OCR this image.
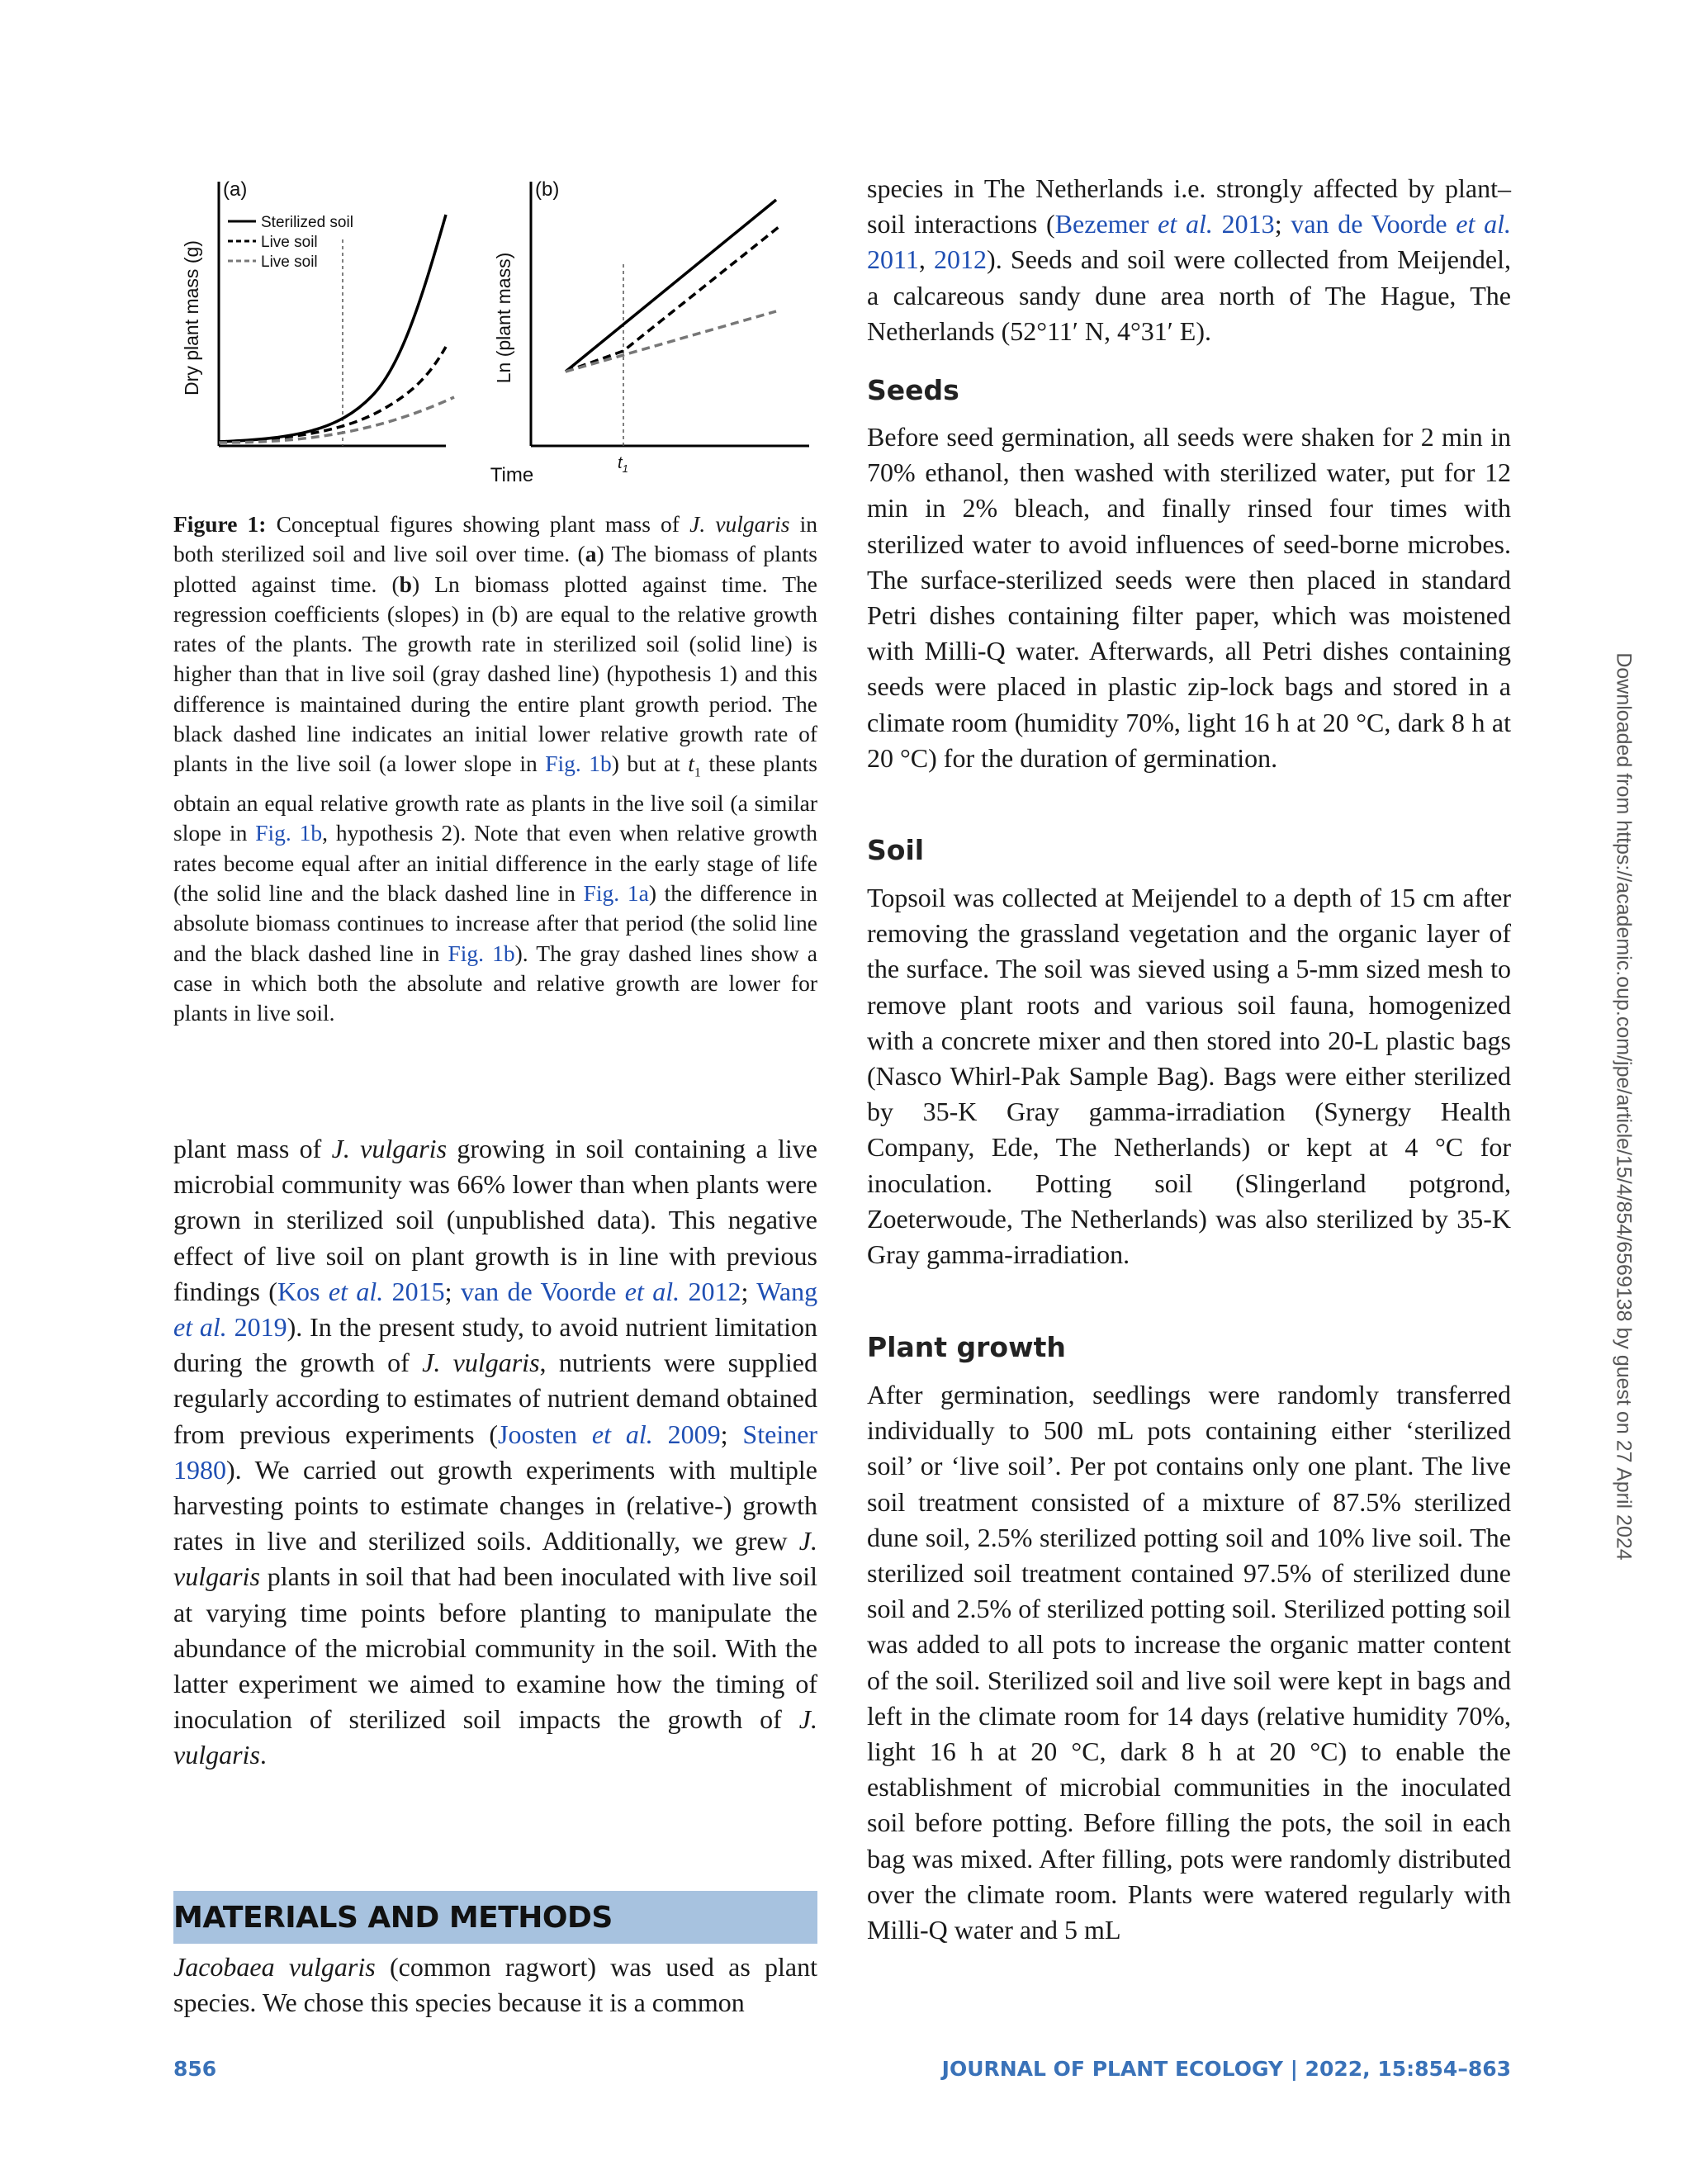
(a)
Sterilized soil
Live soil
Live soil
Dry plant mass (g)
(b)
Ln (plant mass)
$t_1$
Time

Figure 1: Conceptual figures showing plant mass of J. vulgaris in both sterilized soil and live soil over time. (a) The biomass of plants plotted against time. (b) Ln biomass plotted against time. The regression coefficients (slopes) in (b) are equal to the relative growth rates of the plants. The growth rate in sterilized soil (solid line) is higher than that in live soil (gray dashed line) (hypothesis 1) and this difference is maintained during the entire plant growth period. The black dashed line indicates an initial lower relative growth rate of plants in the live soil (a lower slope in Fig. 1b) but at $t_1$ these plants obtain an equal relative growth rate as plants in the live soil (a similar slope in Fig. 1b, hypothesis 2). Note that even when relative growth rates become equal after an initial difference in the early stage of life (the solid line and the black dashed line in Fig. 1a) the difference in absolute biomass continues to increase after that period (the solid line and the black dashed line in Fig. 1b). The gray dashed lines show a case in which both the absolute and relative growth are lower for plants in live soil.

plant mass of J. vulgaris growing in soil containing a live microbial community was 66% lower than when plants were grown in sterilized soil (unpublished data). This negative effect of live soil on plant growth is in line with previous findings (Kos et al. 2015; van de Voorde et al. 2012; Wang et al. 2019). In the present study, to avoid nutrient limitation during the growth of J. vulgaris, nutrients were supplied regularly according to estimates of nutrient demand obtained from previous experiments (Joosten et al. 2009; Steiner 1980). We carried out growth experiments with multiple harvesting points to estimate changes in (relative-) growth rates in live and sterilized soils. Additionally, we grew J. vulgaris plants in soil that had been inoculated with live soil at varying time points before planting to manipulate the abundance of the microbial community in the soil. With the latter experiment we aimed to examine how the timing of inoculation of sterilized soil impacts the growth of J. vulgaris.

Jacobaea vulgaris (common ragwort) was used as plant species. We chose this species because it is a common

MATERIALS AND METHODS

species in The Netherlands i.e. strongly affected by plant–soil interactions (Bezemer et al. 2013; van de Voorde et al. 2011, 2012). Seeds and soil were collected from Meijendel, a calcareous sandy dune area north of The Hague, The Netherlands (52°11′ N, 4°31′ E).

Seeds

Before seed germination, all seeds were shaken for 2 min in 70% ethanol, then washed with sterilized water, put for 12 min in 2% bleach, and finally rinsed four times with sterilized water to avoid influences of seed-borne microbes. The surface-sterilized seeds were then placed in standard Petri dishes containing filter paper, which was moistened with Milli-Q water. Afterwards, all Petri dishes containing seeds were placed in plastic zip-lock bags and stored in a climate room (humidity 70%, light 16 h at 20 °C, dark 8 h at 20 °C) for the duration of germination.

Soil

Topsoil was collected at Meijendel to a depth of 15 cm after removing the grassland vegetation and the organic layer of the surface. The soil was sieved using a 5-mm sized mesh to remove plant roots and various soil fauna, homogenized with a concrete mixer and then stored into 20-L plastic bags (Nasco Whirl-Pak Sample Bag). Bags were either sterilized by 35-K Gray gamma-irradiation (Synergy Health Company, Ede, The Netherlands) or kept at 4 °C for inoculation. Potting soil (Slingerland potgrond, Zoeterwoude, The Netherlands) was also sterilized by 35-K Gray gamma-irradiation.

Plant growth

After germination, seedlings were randomly transferred individually to 500 mL pots containing either ‘sterilized soil’ or ‘live soil’. Per pot contains only one plant. The live soil treatment consisted of a mixture of 87.5% sterilized dune soil, 2.5% sterilized potting soil and 10% live soil. The sterilized soil treatment contained 97.5% of sterilized dune soil and 2.5% of sterilized potting soil. Sterilized potting soil was added to all pots to increase the organic matter content of the soil. Sterilized soil and live soil were kept in bags and left in the climate room for 14 days (relative humidity 70%, light 16 h at 20 °C, dark 8 h at 20 °C) to enable the establishment of microbial communities in the inoculated soil before potting. Before filling the pots, the soil in each bag was mixed. After filling, pots were randomly distributed over the climate room. Plants were watered regularly with Milli-Q water and 5 mL

856	JOURNAL OF PLANT ECOLOGY | 2022, 15:854–863
Downloaded from https://academic.oup.com/jpe/article/15/4/854/6569138 by guest on 27 April 2024
